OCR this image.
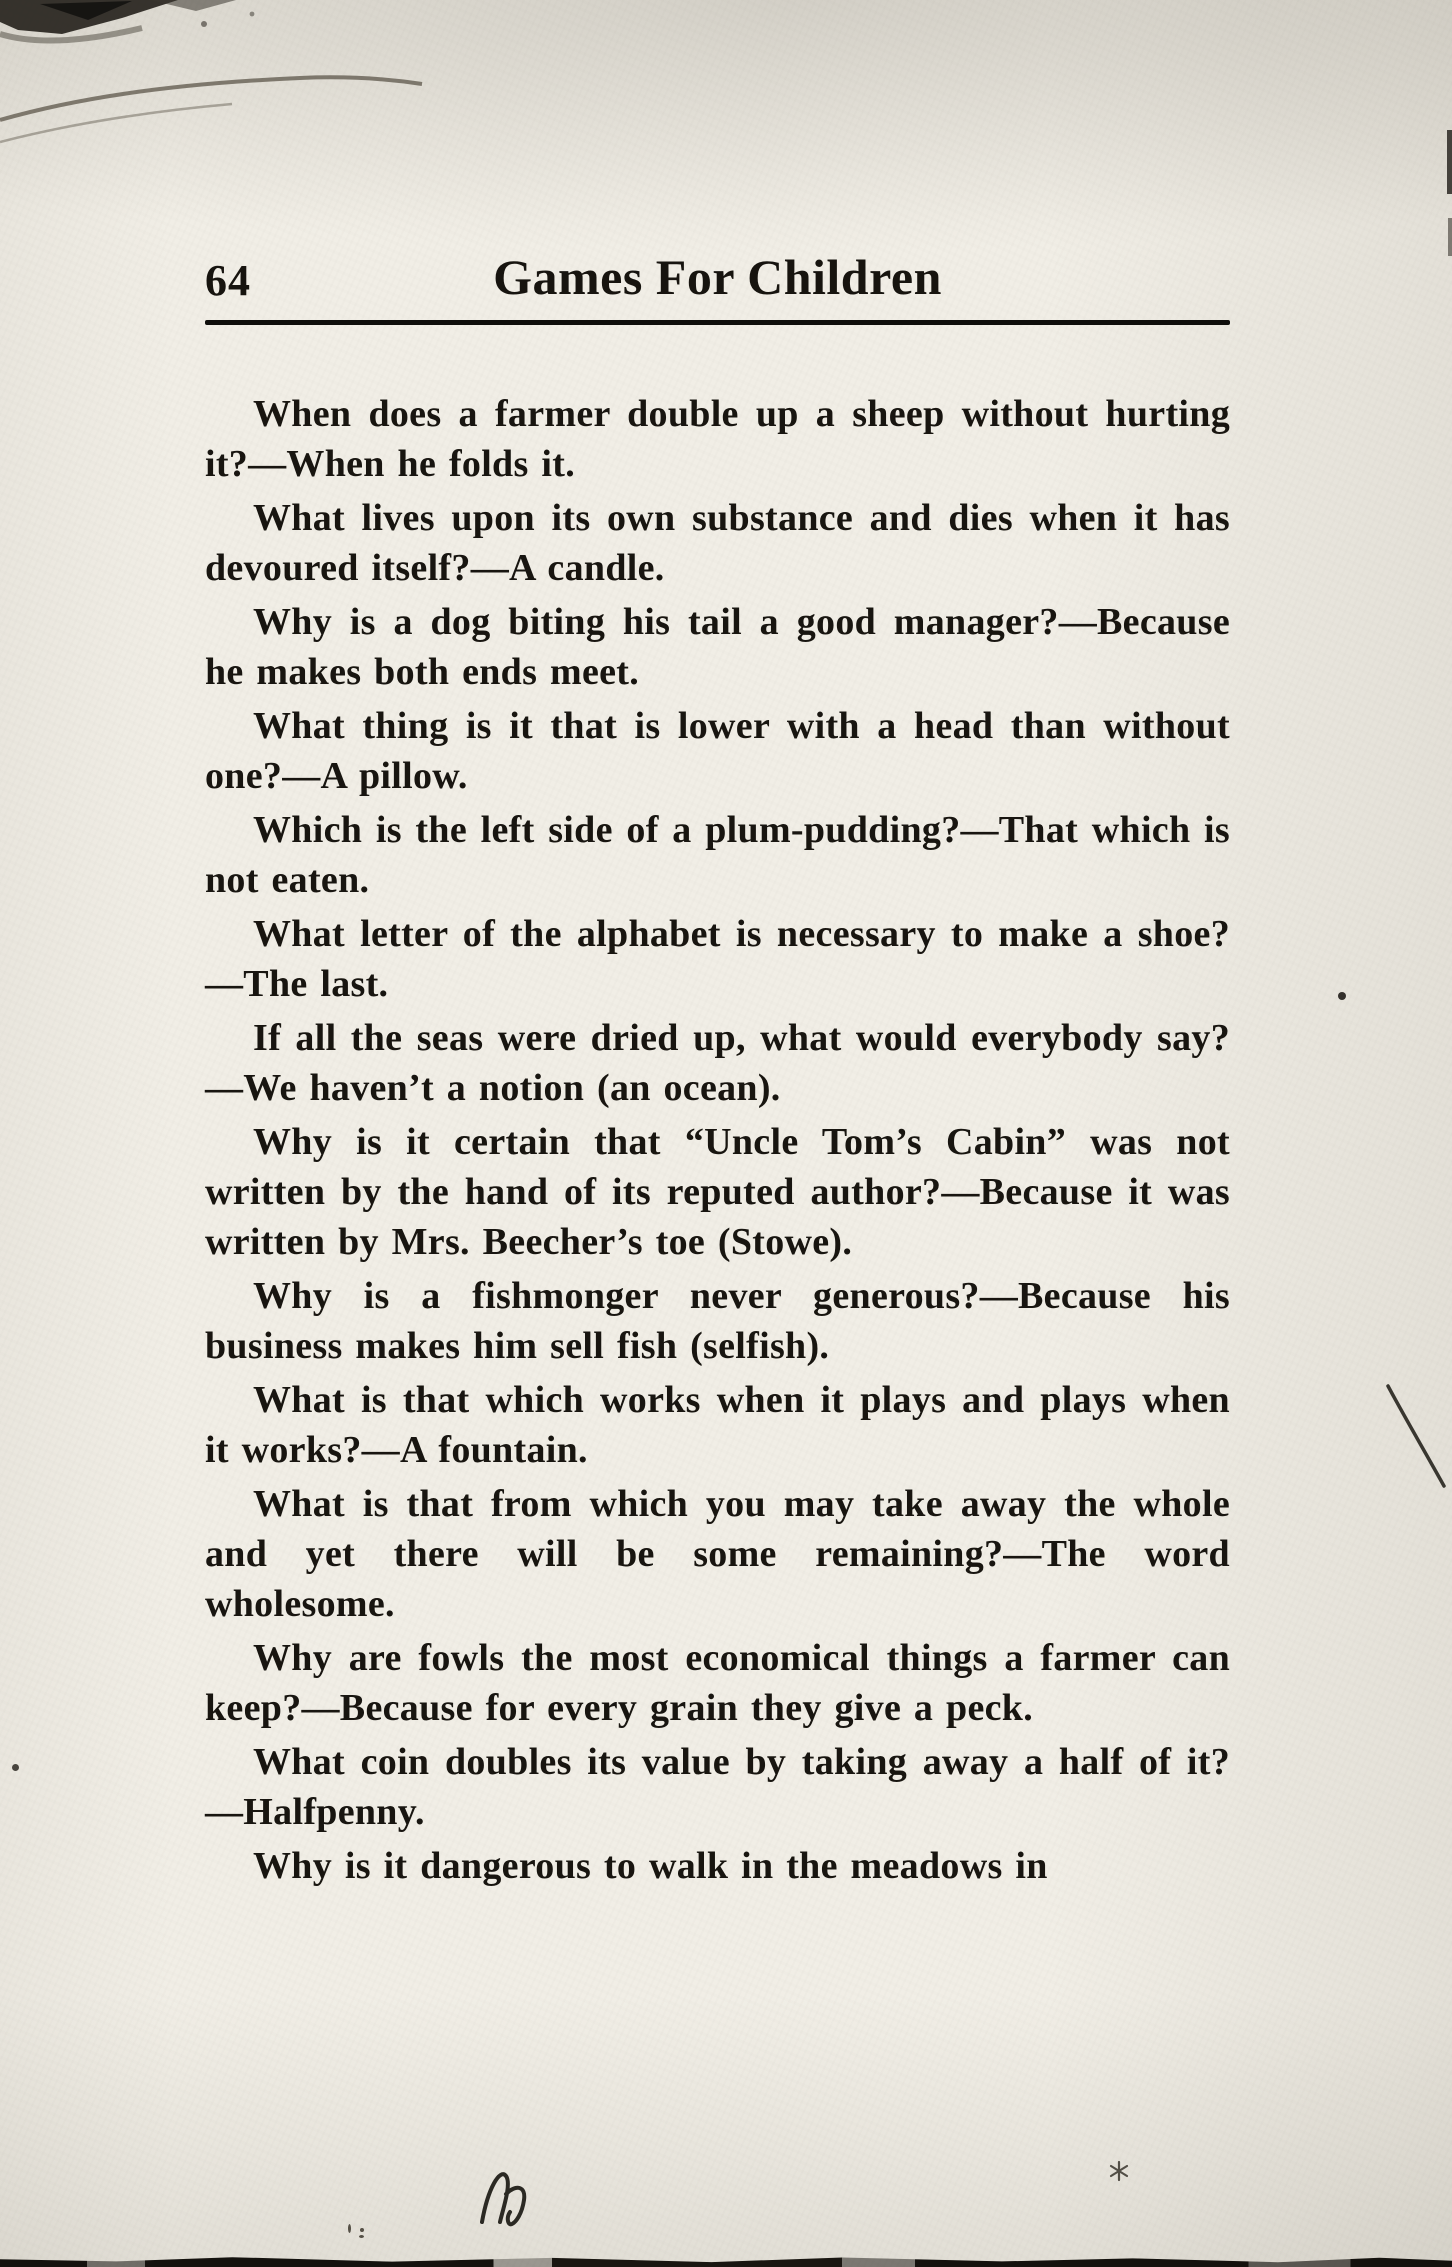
64	Games For Children

When does a farmer double up a sheep without hurting it?—When he folds it.

What lives upon its own substance and dies when it has devoured itself?—A candle.

Why is a dog biting his tail a good manager?—Because he makes both ends meet.

What thing is it that is lower with a head than without one?—A pillow.

Which is the left side of a plum-pudding?—That which is not eaten.

What letter of the alphabet is necessary to make a shoe?—The last.

If all the seas were dried up, what would everybody say?—We haven’t a notion (an ocean).

Why is it certain that “Uncle Tom’s Cabin” was not written by the hand of its reputed author?—Because it was written by Mrs. Beecher’s toe (Stowe).

Why is a fishmonger never generous?—Because his business makes him sell fish (selfish).

What is that which works when it plays and plays when it works?—A fountain.

What is that from which you may take away the whole and yet there will be some remaining?—The word wholesome.

Why are fowls the most economical things a farmer can keep?—Because for every grain they give a peck.

What coin doubles its value by taking away a half of it?—Halfpenny.

Why is it dangerous to walk in the meadows in
